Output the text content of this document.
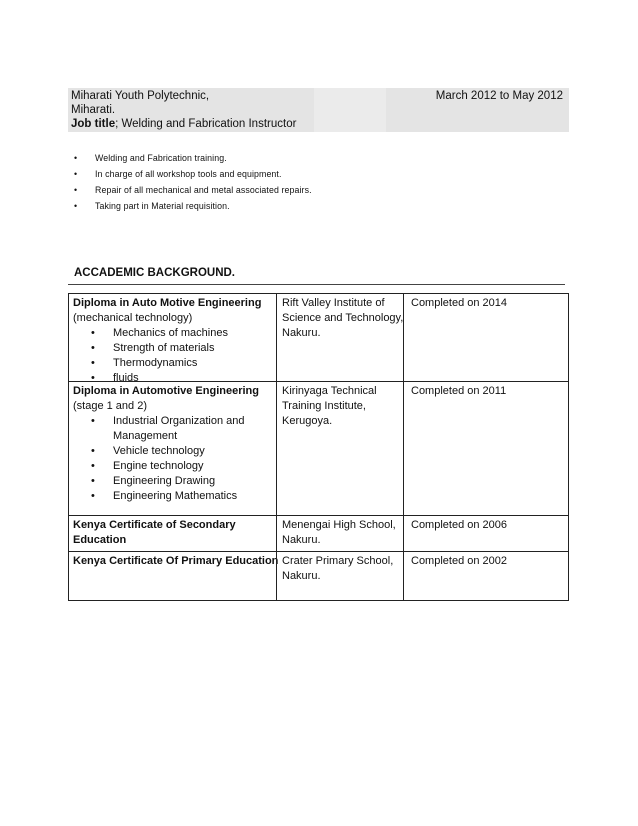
Miharati Youth Polytechnic,
Miharati.
Job title; Welding and Fabrication Instructor
March 2012 to May 2012
• Welding and Fabrication training.
• In charge of all workshop tools and equipment.
• Repair of all mechanical and metal associated repairs.
• Taking part in Material requisition.
ACCADEMIC BACKGROUND.
Diploma in Auto Motive Engineering
(mechanical technology)
• Mechanics of machines
• Strength of materials
• Thermodynamics
• fluids
Rift Valley Institute of
Science and Technology,
Nakuru.
Completed on 2014
Diploma in Automotive Engineering
(stage 1 and 2)
• Industrial Organization and
Management
• Vehicle technology
• Engine technology
• Engineering Drawing
• Engineering Mathematics
Kirinyaga Technical
Training Institute,
Kerugoya.
Completed on 2011
Kenya Certificate of Secondary
Education
Menengai High School,
Nakuru.
Completed on 2006
Kenya Certificate Of Primary Education Crater Primary School,
Nakuru.
Completed on 2002
